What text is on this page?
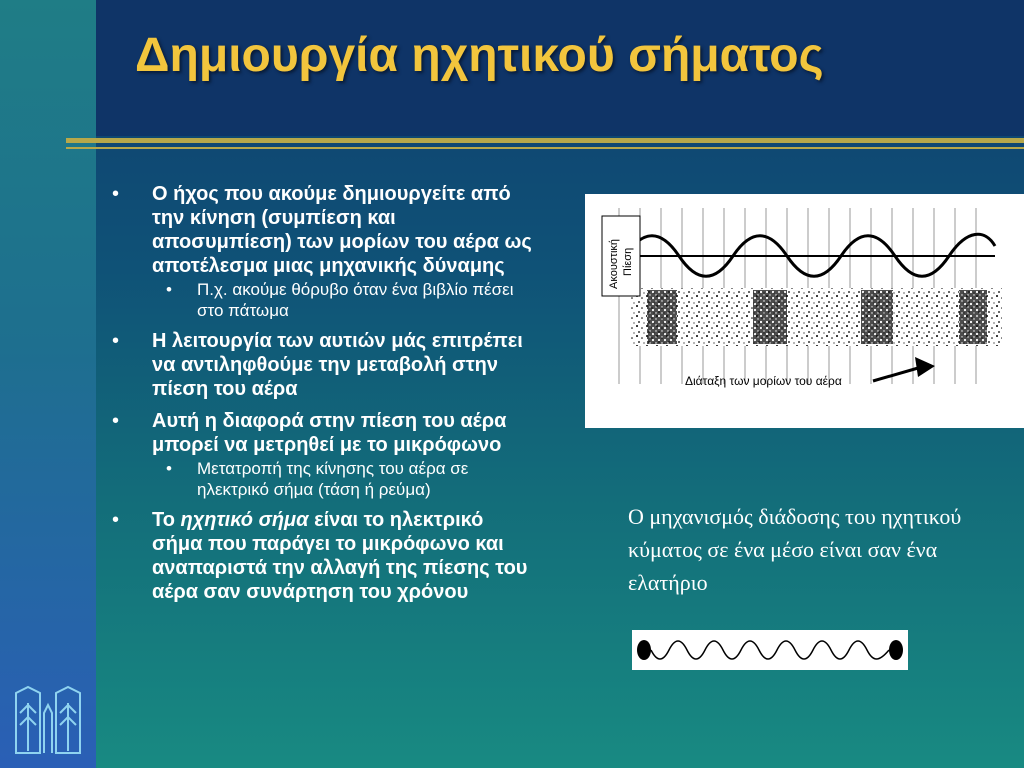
Δημιουργία ηχητικού σήματος
• Ο ήχος που ακούμε δημιουργείτε από την κίνηση (συμπίεση και αποσυμπίεση) των μορίων του αέρα ως αποτέλεσμα μιας μηχανικής δύναμης
• Π.χ. ακούμε θόρυβο όταν ένα βιβλίο πέσει στο πάτωμα
• Η λειτουργία των αυτιών μάς επιτρέπει να αντιληφθούμε την μεταβολή στην πίεση του αέρα
• Αυτή η διαφορά στην πίεση του αέρα μπορεί να μετρηθεί με το μικρόφωνο
• Μετατροπή της κίνησης του αέρα σε ηλεκτρικό σήμα (τάση ή ρεύμα)
• Το ηχητικό σήμα είναι το ηλεκτρικό σήμα που παράγει το μικρόφωνο και αναπαριστά την αλλαγή της πίεσης του αέρα σαν συνάρτηση του χρόνου
Ακουστική Πίεση
Διάταξη των μορίων του αέρα

Ο μηχανισμός διάδοσης του ηχητικού κύματος σε ένα μέσο είναι σαν ένα ελατήριο
